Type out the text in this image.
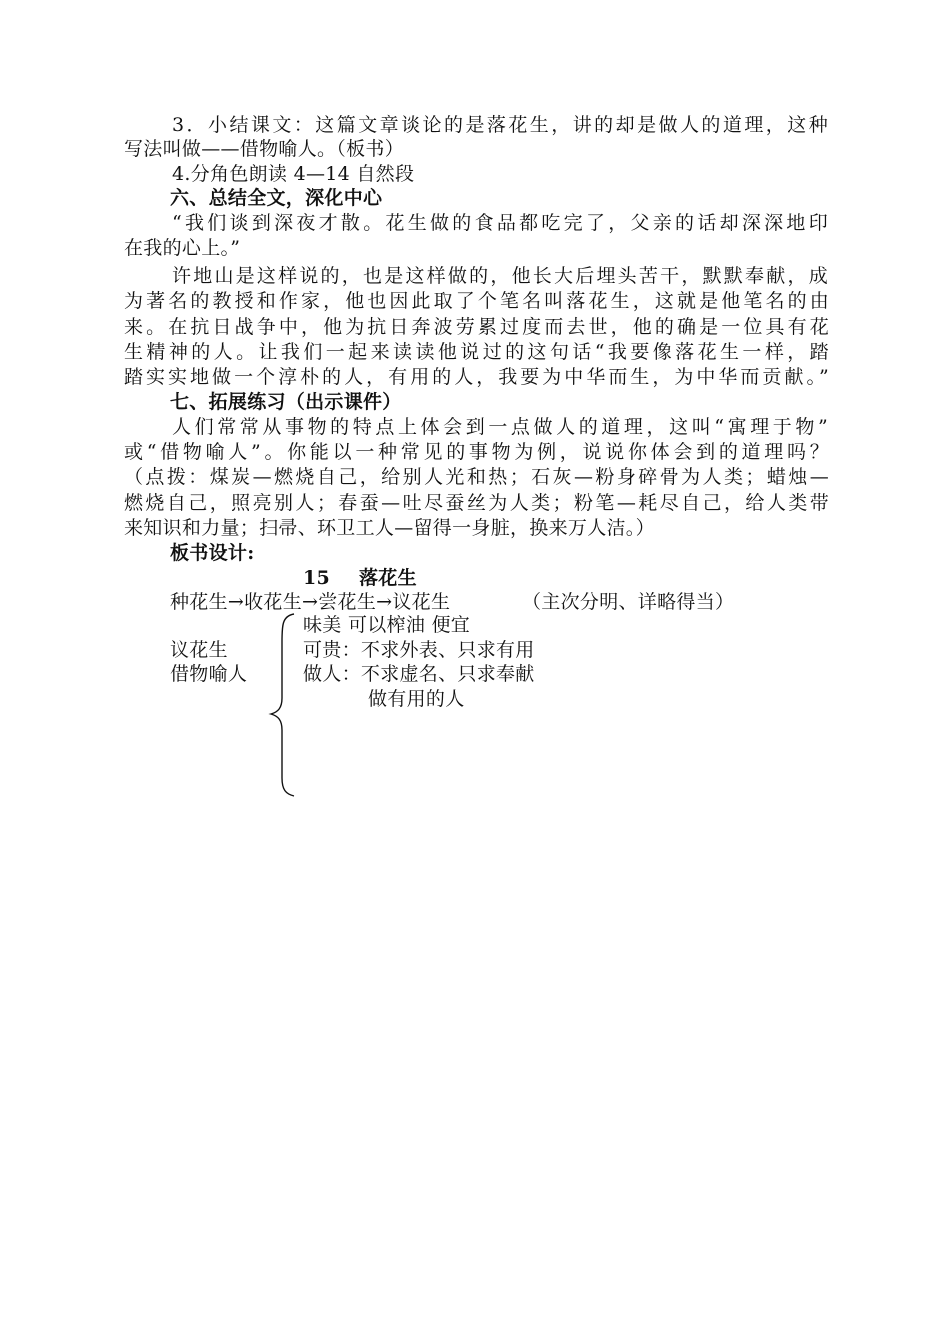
3．小结课文：这篇文章谈论的是落花生，讲的却是做人的道理，这种
写法叫做——借物喻人。（板书）
4.分角色朗读 4—14 自然段
六、总结全文，深化中心
“我们谈到深夜才散。花生做的食品都吃完了，父亲的话却深深地印
在我的心上。”
许地山是这样说的，也是这样做的，他长大后埋头苦干，默默奉献，成
为著名的教授和作家，他也因此取了个笔名叫落花生，这就是他笔名的由
来。在抗日战争中，他为抗日奔波劳累过度而去世，他的确是一位具有花
生精神的人。让我们一起来读读他说过的这句话“我要像落花生一样，踏
踏实实地做一个淳朴的人，有用的人，我要为中华而生，为中华而贡献。”
七、拓展练习（出示课件）
人们常常从事物的特点上体会到一点做人的道理，这叫“寓理于物”
或“借物喻人”。你能以一种常见的事物为例，说说你体会到的道理吗？
（点拨：煤炭—燃烧自己，给别人光和热；石灰—粉身碎骨为人类；蜡烛—
燃烧自己，照亮别人；春蚕—吐尽蚕丝为人类；粉笔—耗尽自己，给人类带
来知识和力量；扫帚、环卫工人—留得一身脏，换来万人洁。）
板书设计:
15 落花生
种花生→收花生→尝花生→议花生	（主次分明、详略得当）
味美 可以榨油 便宜
议花生	可贵：不求外表、只求有用
借物喻人	做人：不求虚名、只求奉献
做有用的人
